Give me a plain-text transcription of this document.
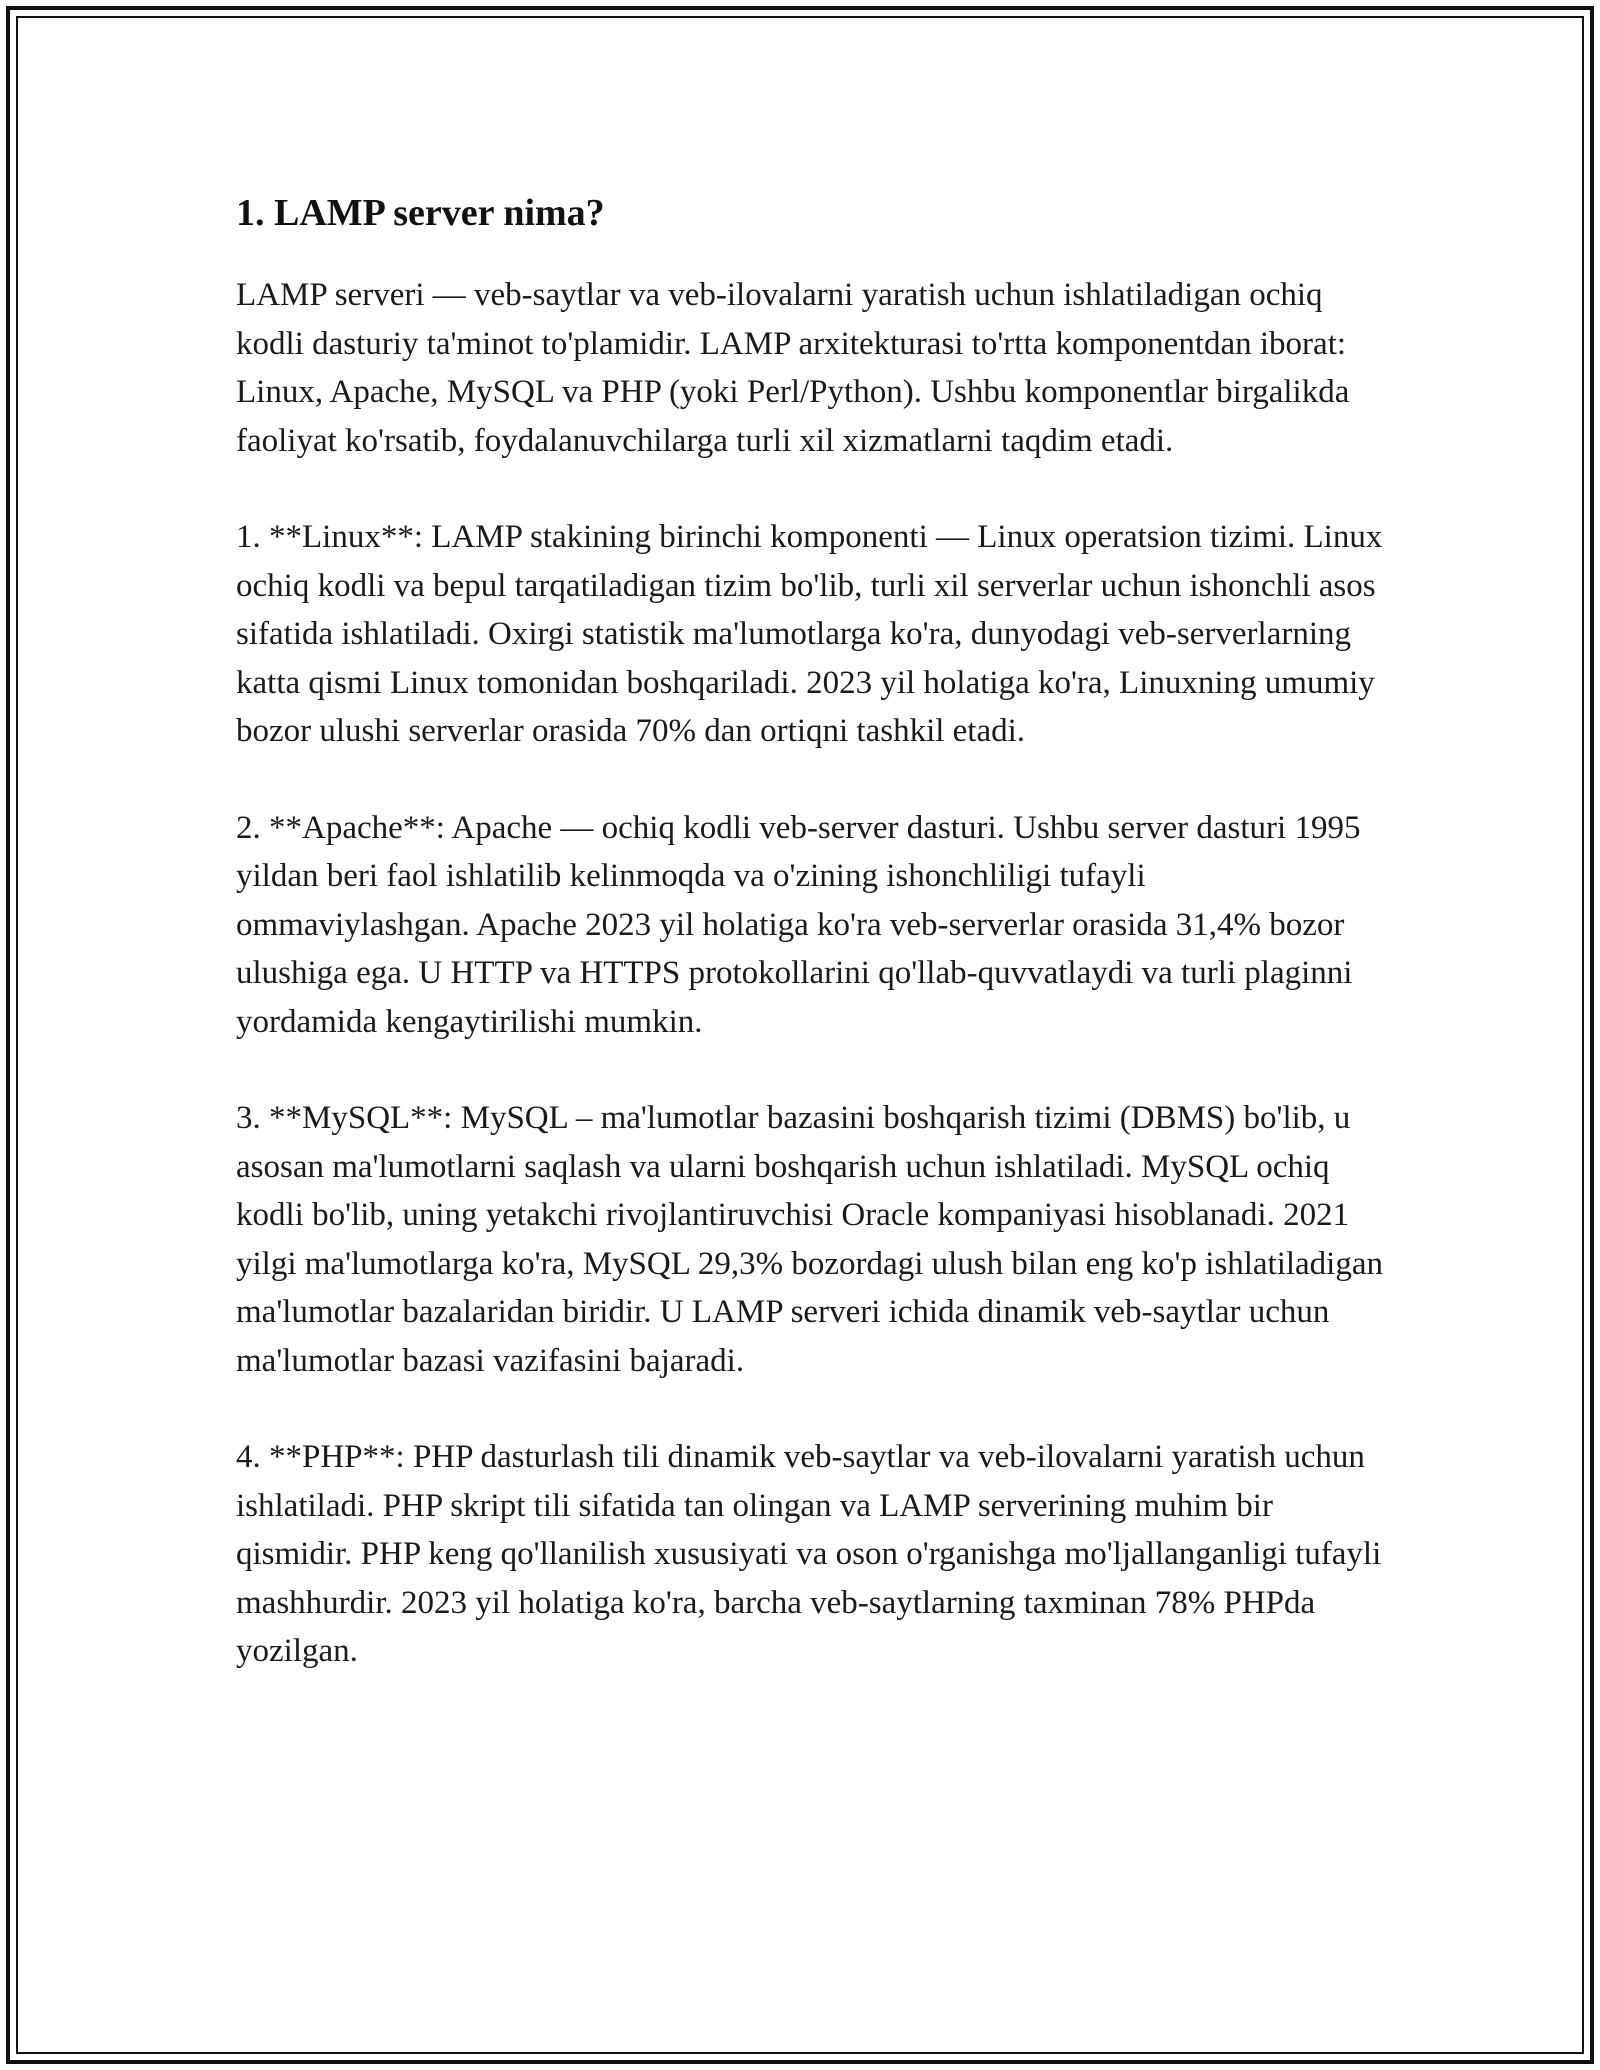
1. LAMP server nima?

LAMP serveri — veb-saytlar va veb-ilovalarni yaratish uchun ishlatiladigan ochiq kodli dasturiy ta'minot to'plamidir. LAMP arxitekturasi to'rtta komponentdan iborat: Linux, Apache, MySQL va PHP (yoki Perl/Python). Ushbu komponentlar birgalikda faoliyat ko'rsatib, foydalanuvchilarga turli xil xizmatlarni taqdim etadi.

1. **Linux**: LAMP stakining birinchi komponenti — Linux operatsion tizimi. Linux ochiq kodli va bepul tarqatiladigan tizim bo'lib, turli xil serverlar uchun ishonchli asos sifatida ishlatiladi. Oxirgi statistik ma'lumotlarga ko'ra, dunyodagi veb-serverlarning katta qismi Linux tomonidan boshqariladi. 2023 yil holatiga ko'ra, Linuxning umumiy bozor ulushi serverlar orasida 70% dan ortiqni tashkil etadi.

2. **Apache**: Apache — ochiq kodli veb-server dasturi. Ushbu server dasturi 1995 yildan beri faol ishlatilib kelinmoqda va o'zining ishonchliligi tufayli ommaviylashgan. Apache 2023 yil holatiga ko'ra veb-serverlar orasida 31,4% bozor ulushiga ega. U HTTP va HTTPS protokollarini qo'llab-quvvatlaydi va turli plaginni yordamida kengaytirilishi mumkin.

3. **MySQL**: MySQL – ma'lumotlar bazasini boshqarish tizimi (DBMS) bo'lib, u asosan ma'lumotlarni saqlash va ularni boshqarish uchun ishlatiladi. MySQL ochiq kodli bo'lib, uning yetakchi rivojlantiruvchisi Oracle kompaniyasi hisoblanadi. 2021 yilgi ma'lumotlarga ko'ra, MySQL 29,3% bozordagi ulush bilan eng ko'p ishlatiladigan ma'lumotlar bazalaridan biridir. U LAMP serveri ichida dinamik veb-saytlar uchun ma'lumotlar bazasi vazifasini bajaradi.

4. **PHP**: PHP dasturlash tili dinamik veb-saytlar va veb-ilovalarni yaratish uchun ishlatiladi. PHP skript tili sifatida tan olingan va LAMP serverining muhim bir qismidir. PHP keng qo'llanilish xususiyati va oson o'rganishga mo'ljallanganligi tufayli mashhurdir. 2023 yil holatiga ko'ra, barcha veb-saytlarning taxminan 78% PHPda yozilgan.
